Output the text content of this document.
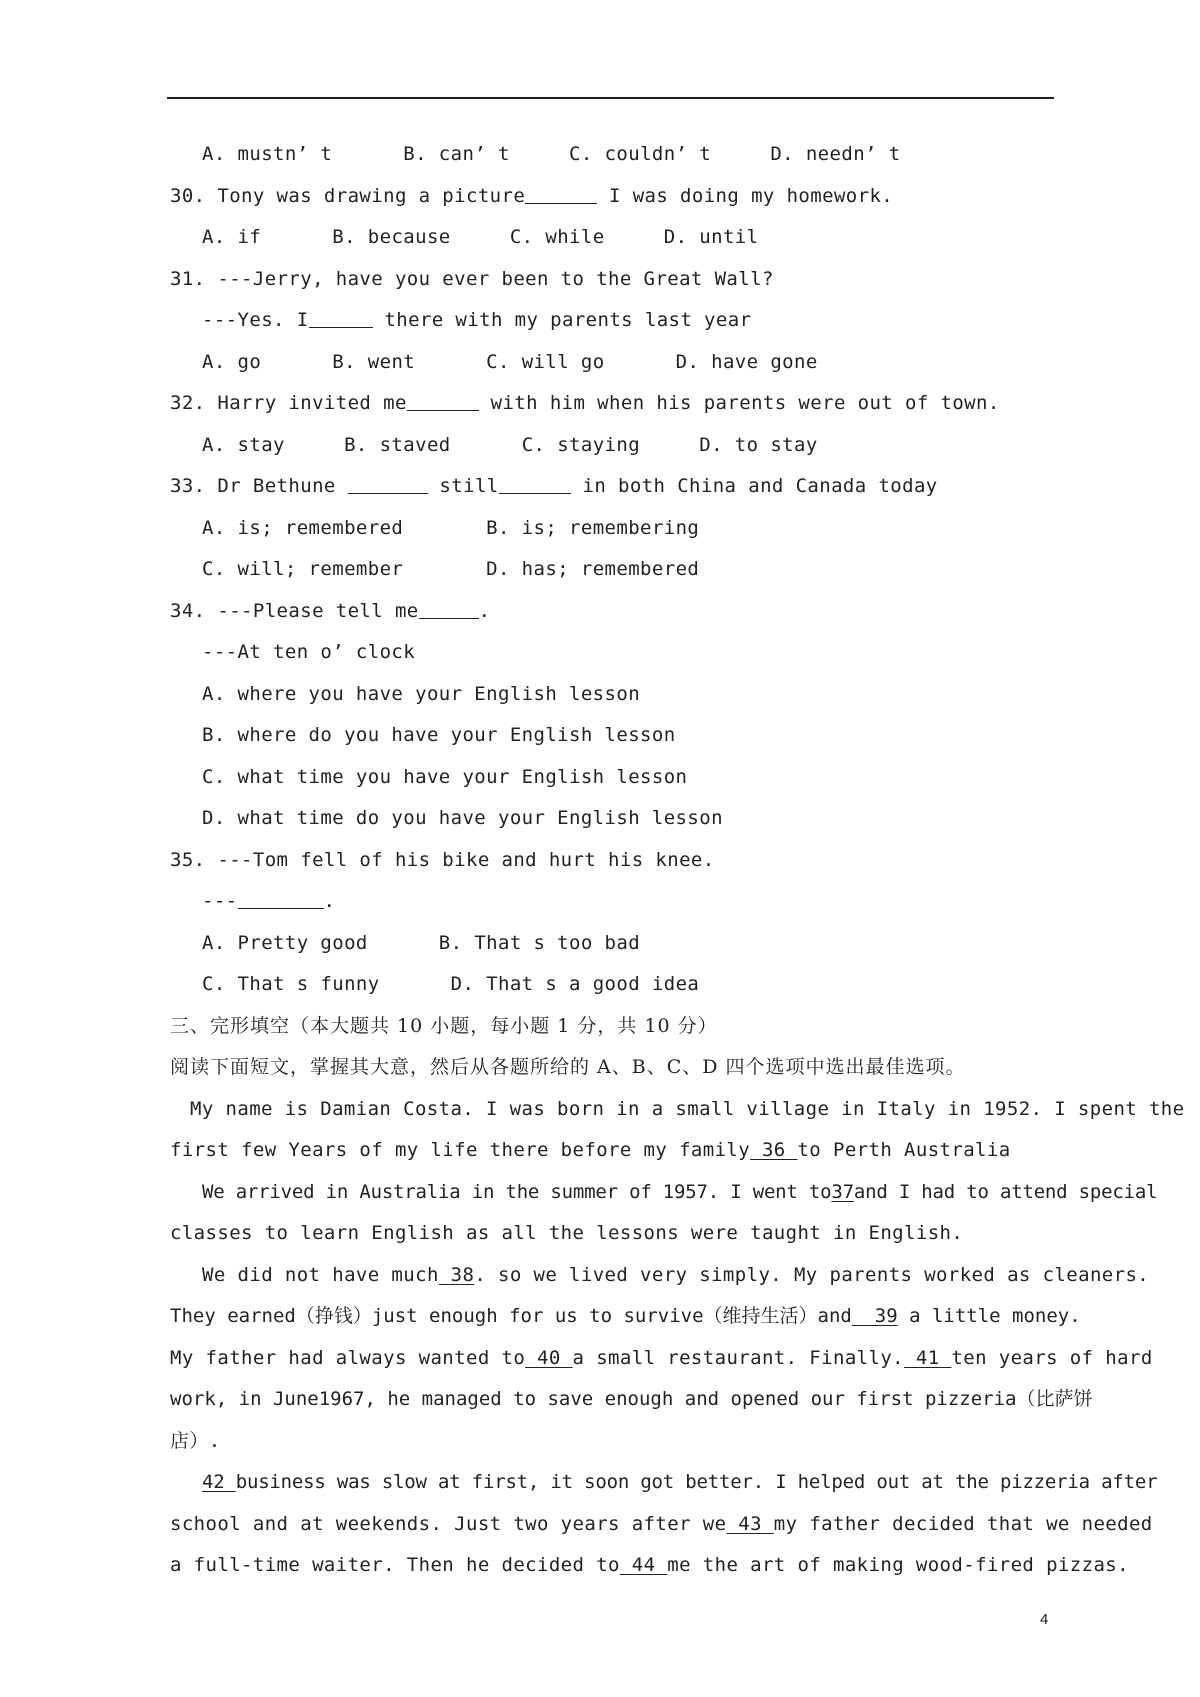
A. mustn’ t	B. can’ t	C. couldn’ t	D. needn’ t
30. Tony was drawing a picture	I was doing my homework.
A. if	B. because	C. while	D. until
31. ---Jerry, have you ever been to the Great Wall?
---Yes. I	there with my parents last year
A. go	B. went	C. will go	D. have gone
32. Harry invited me	with him when his parents were out of town.
A. stay	B. staved	C. staying	D. to stay
33. Dr Bethune	still	in both China and Canada today
A. is; remembered	B. is; remembering
C. will; remember	D. has; remembered
34. ---Please tell me	.
---At ten o’ clock
A. where you have your English lesson
B. where do you have your English lesson
C. what time you have your English lesson
D. what time do you have your English lesson
35. ---Tom fell of his bike and hurt his knee.
---	.
A. Pretty good	B. That s too bad
C. That s funny	D. That s a good idea
三、完形填空（本大题共 10 小题，每小题 1 分，共 10 分）
阅读下面短文，掌握其大意，然后从各题所给的 A、B、C、D 四个选项中选出最佳选项。
My name is Damian Costa. I was born in a small village in Italy in 1952. I spent the
first few Years of my life there before my family 36 to Perth Australia
We arrived in Australia in the summer of 1957. I went to37and I had to attend special
classes to learn English as all the lessons were taught in English.
We did not have much 38. so we lived very simply. My parents worked as cleaners.
They earned（挣钱）just enough for us to survive（维持生活）and  39 a little money.
My father had always wanted to 40 a small restaurant. Finally. 41 ten years of hard
work, in June1967, he managed to save enough and opened our first pizzeria（比萨饼
店）.
42 business was slow at first, it soon got better. I helped out at the pizzeria after
school and at weekends. Just two years after we 43 my father decided that we needed
a full-time waiter. Then he decided to 44 me the art of making wood-fired pizzas.
4
